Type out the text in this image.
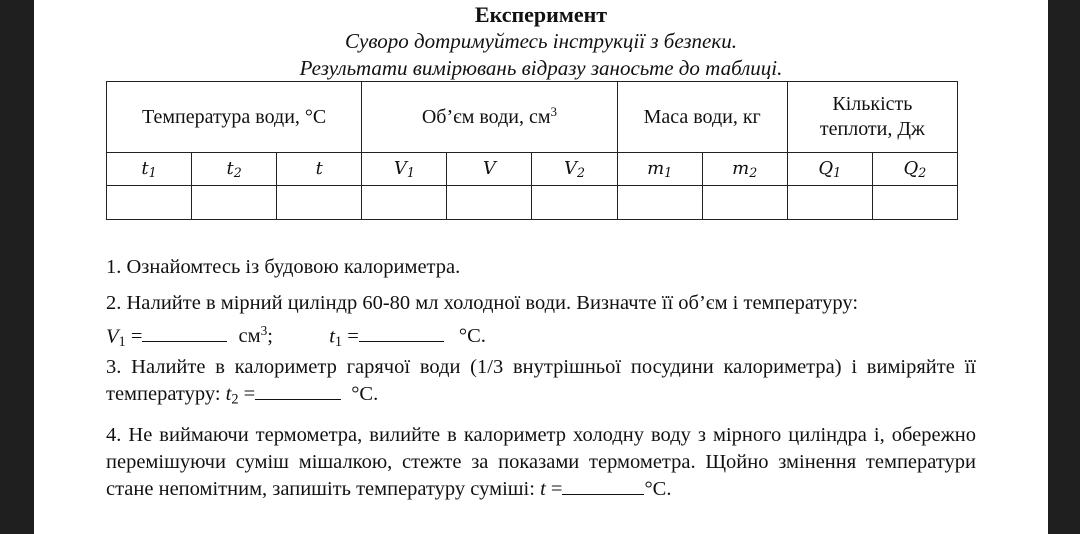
Експеримент
Суворо дотримуйтесь інструкції з безпеки.
Результати вимірювань відразу заносьте до таблиці.
Температура води, °С			Об’єм води, $см^3$			Маса води, кг		Кількість теплоти, Дж	
$t_1$	$t_2$	t	$V_1$	V	$V_2$	$m_1$	$m_2$	$Q_1$	$Q_2$

1. Ознайомтесь із будовою калориметра.
2. Налийте в мірний циліндр 60-80 мл холодної води. Визначте її об’єм і температуру:
$V_1$ =	$см^3$;	$t_1$ =	°С.
3. Налийте в калориметр гарячої води (1/3 внутрішньої посудини калориметра) і виміряйте її температуру: $t_2$ =	°С.
4. Не виймаючи термометра, вилийте в калориметр холодну воду з мірного циліндра і, обережно перемішуючи суміш мішалкою, стежте за показами термометра. Щойно змінення температури стане непомітним, запишіть температуру суміші: t =	°С.
